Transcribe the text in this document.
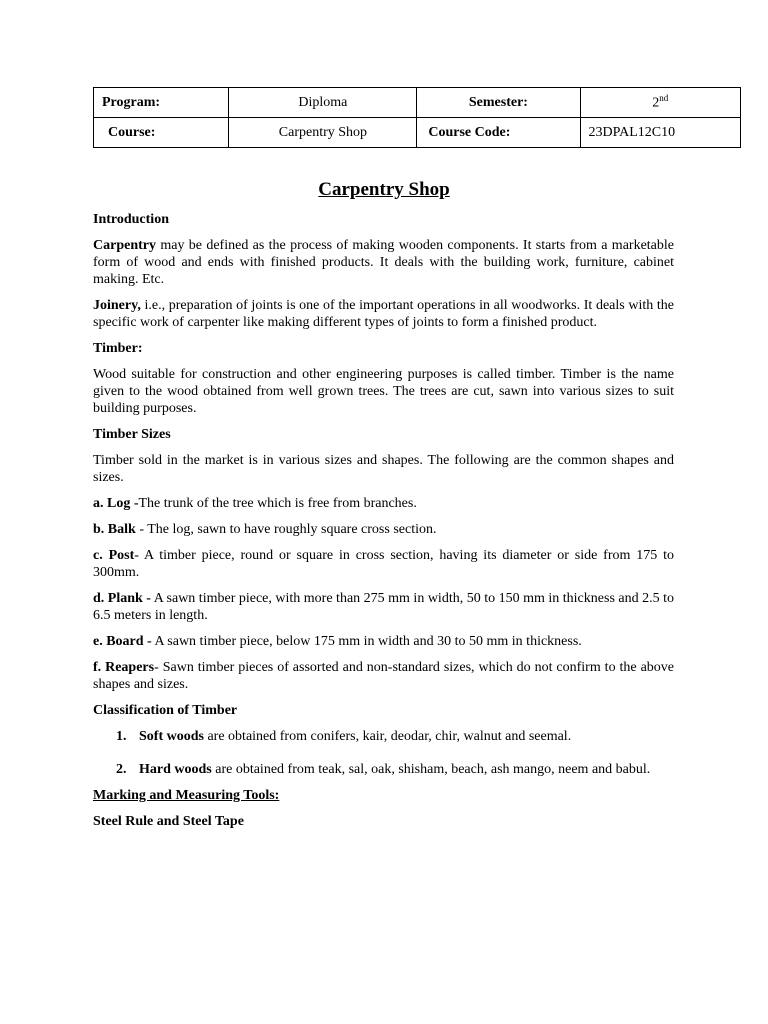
Program:	Diploma	Semester:	2nd
Course:	Carpentry Shop	Course Code:	23DPAL12C10
Carpentry Shop

Introduction

Carpentry may be defined as the process of making wooden components. It starts from a marketable form of wood and ends with finished products. It deals with the building work, furniture, cabinet making. Etc.

Joinery, i.e., preparation of joints is one of the important operations in all woodworks. It deals with the specific work of carpenter like making different types of joints to form a finished product.

Timber:

Wood suitable for construction and other engineering purposes is called timber. Timber is the name given to the wood obtained from well grown trees. The trees are cut, sawn into various sizes to suit building purposes.

Timber Sizes

Timber sold in the market is in various sizes and shapes. The following are the common shapes and sizes.

a. Log -The trunk of the tree which is free from branches.

b. Balk - The log, sawn to have roughly square cross section.

c. Post- A timber piece, round or square in cross section, having its diameter or side from 175 to 300mm.

d. Plank - A sawn timber piece, with more than 275 mm in width, 50 to 150 mm in thickness and 2.5 to 6.5 meters in length.

e. Board - A sawn timber piece, below 175 mm in width and 30 to 50 mm in thickness.

f. Reapers- Sawn timber pieces of assorted and non-standard sizes, which do not confirm to the above shapes and sizes.

Classification of Timber

1. Soft woods are obtained from conifers, kair, deodar, chir, walnut and seemal.
2. Hard woods are obtained from teak, sal, oak, shisham, beach, ash mango, neem and babul.

Marking and Measuring Tools:

Steel Rule and Steel Tape
